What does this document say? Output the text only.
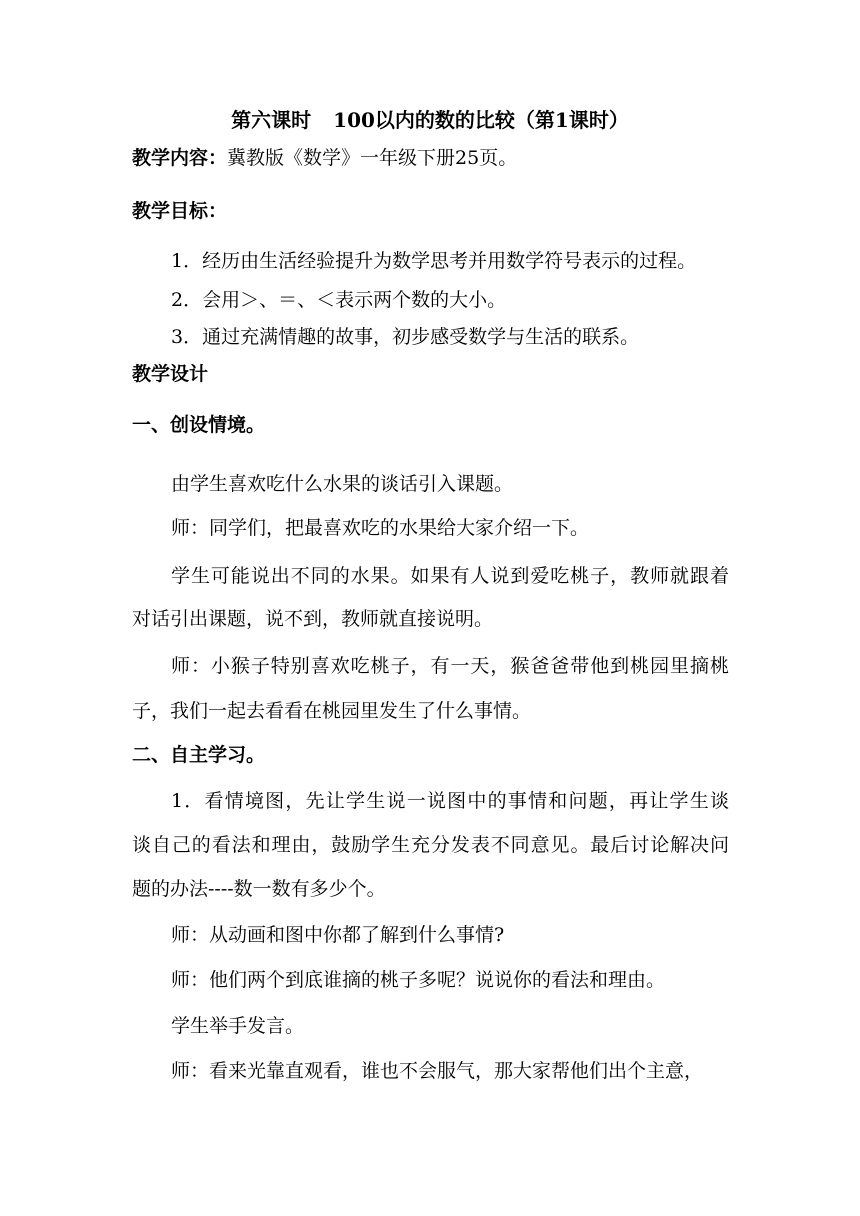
第六课时 100以内的数的比较（第1课时）
教学内容：冀教版《数学》一年级下册25页。
教学目标：
1．经历由生活经验提升为数学思考并用数学符号表示的过程。
2．会用＞、＝、＜表示两个数的大小。
3．通过充满情趣的故事，初步感受数学与生活的联系。
教学设计
一、创设情境。
由学生喜欢吃什么水果的谈话引入课题。
师：同学们，把最喜欢吃的水果给大家介绍一下。
学生可能说出不同的水果。如果有人说到爱吃桃子，教师就跟着
对话引出课题，说不到，教师就直接说明。
师：小猴子特别喜欢吃桃子，有一天，猴爸爸带他到桃园里摘桃
子，我们一起去看看在桃园里发生了什么事情。
二、自主学习。
1．看情境图，先让学生说一说图中的事情和问题，再让学生谈
谈自己的看法和理由，鼓励学生充分发表不同意见。最后讨论解决问
题的办法----数一数有多少个。
师：从动画和图中你都了解到什么事情?
师：他们两个到底谁摘的桃子多呢？说说你的看法和理由。
学生举手发言。
师：看来光靠直观看，谁也不会服气，那大家帮他们出个主意，
